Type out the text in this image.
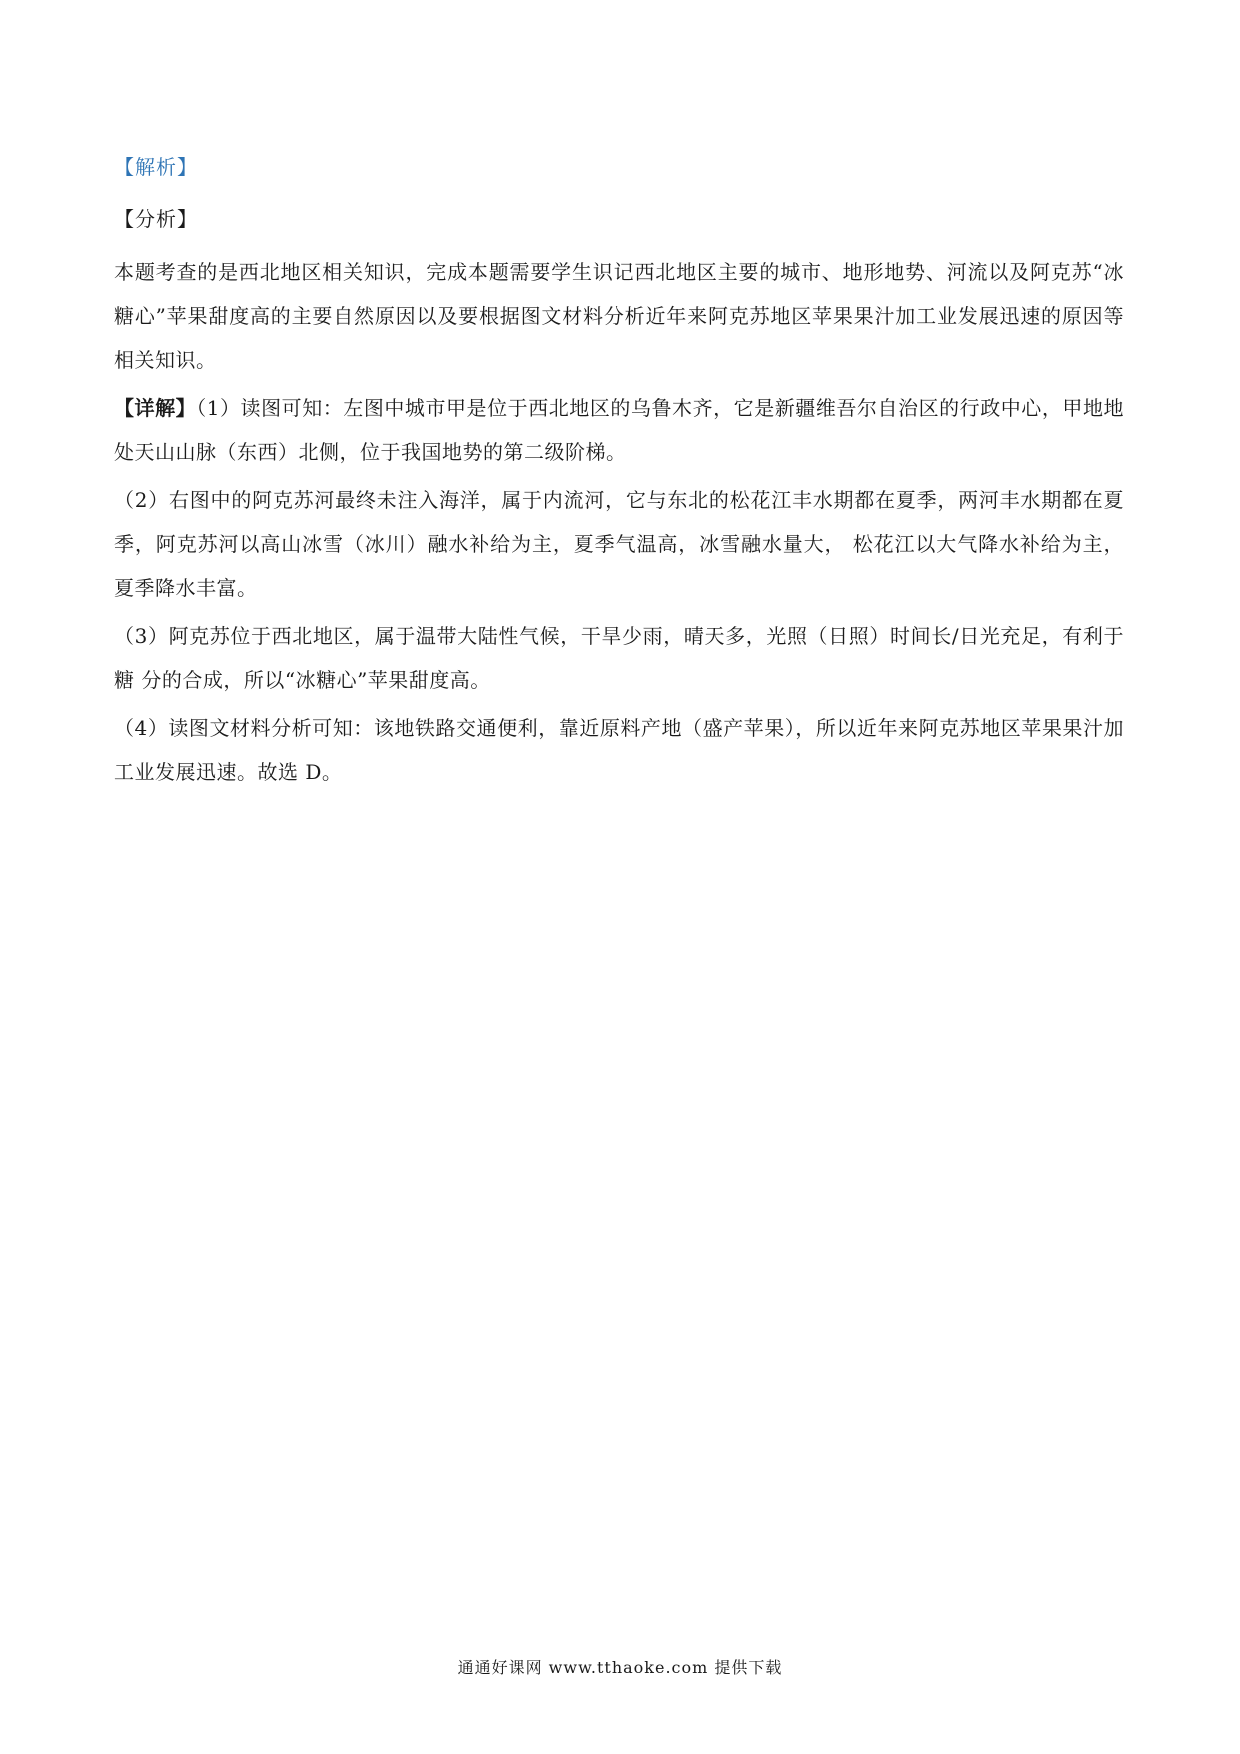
【解析】
【分析】

本题考查的是西北地区相关知识，完成本题需要学生识记西北地区主要的城市、地形地势、河流以及阿克苏“冰糖心”苹果甜度高的主要自然原因以及要根据图文材料分析近年来阿克苏地区苹果果汁加工业发展迅速的原因等相关知识。

【详解】（1）读图可知：左图中城市甲是位于西北地区的乌鲁木齐，它是新疆维吾尔自治区的行政中心，甲地地处天山山脉（东西）北侧，位于我国地势的第二级阶梯。

（2）右图中的阿克苏河最终未注入海洋，属于内流河，它与东北的松花江丰水期都在夏季，两河丰水期都在夏季，阿克苏河以高山冰雪（冰川）融水补给为主，夏季气温高，冰雪融水量大， 松花江以大气降水补给为主，夏季降水丰富。

（3）阿克苏位于西北地区，属于温带大陆性气候，干旱少雨，晴天多，光照（日照）时间长/日光充足，有利于糖 分的合成，所以“冰糖心”苹果甜度高。

（4）读图文材料分析可知：该地铁路交通便利，靠近原料产地（盛产苹果），所以近年来阿克苏地区苹果果汁加工业发展迅速。故选 D。

通通好课网 www.tthaoke.com 提供下载
